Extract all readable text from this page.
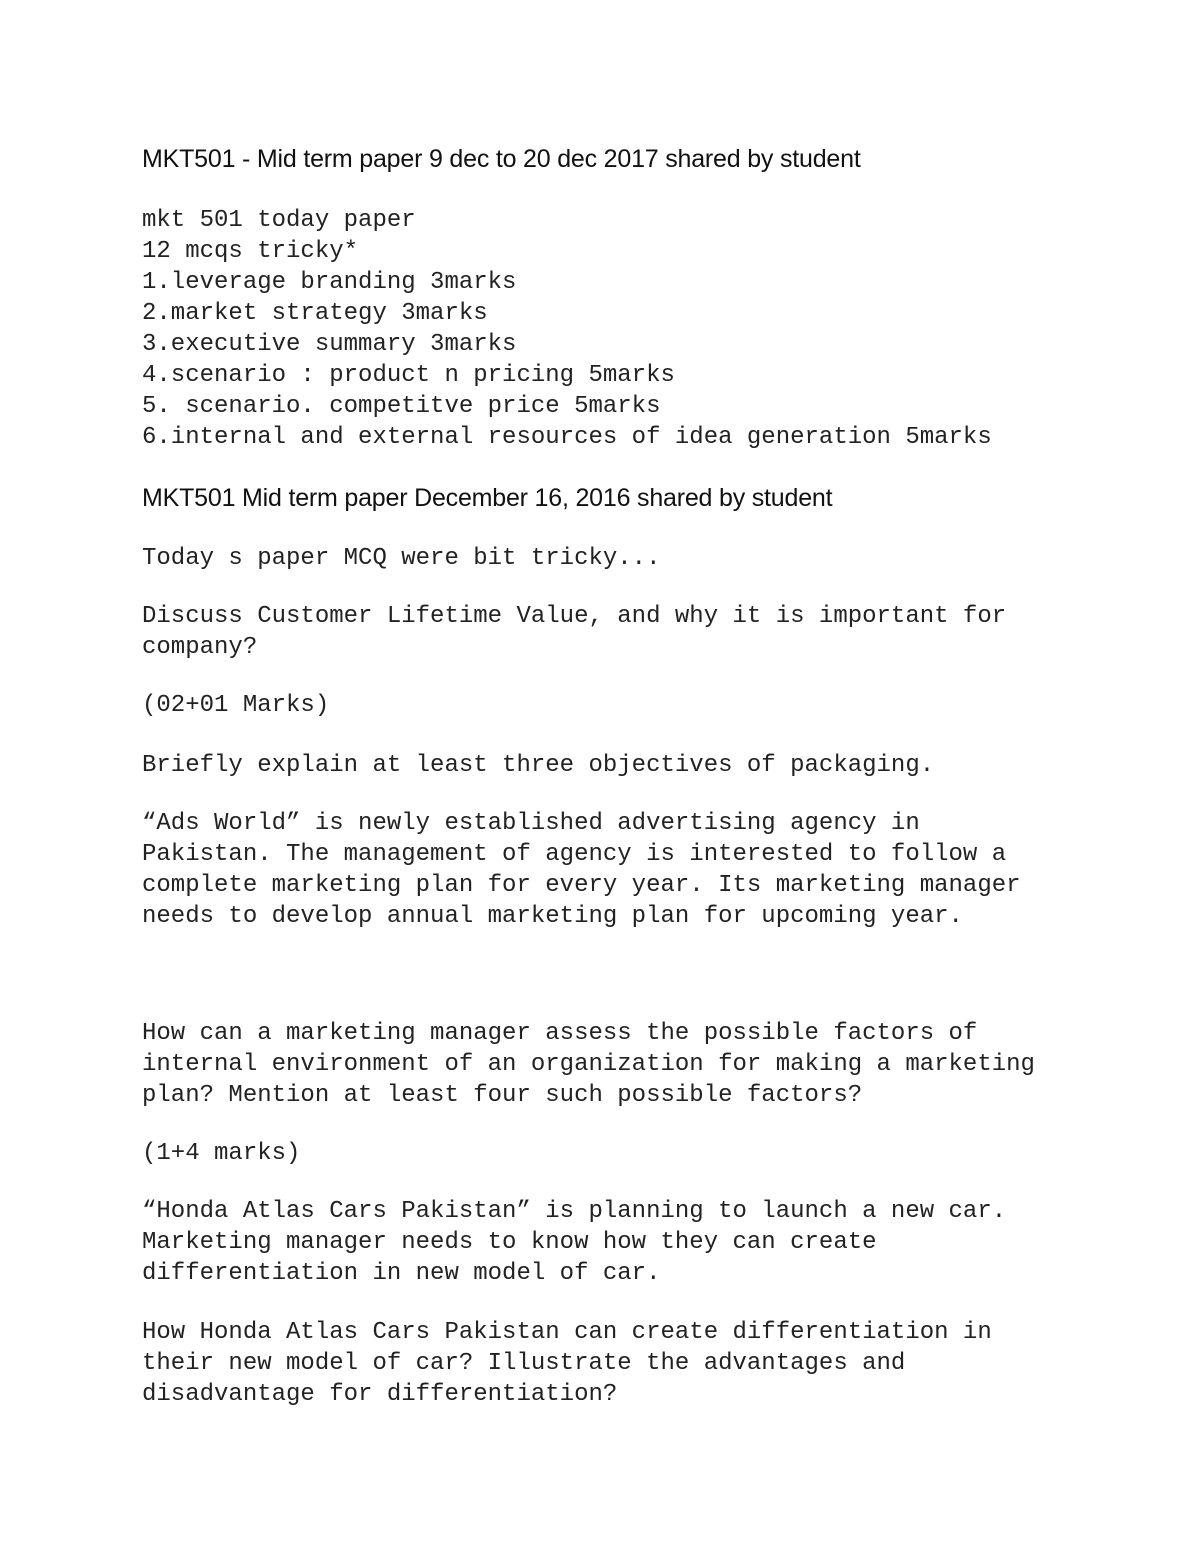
MKT501 - Mid term paper 9 dec to 20 dec 2017 shared by student
mkt 501 today paper
12 mcqs tricky*
1.leverage branding 3marks
2.market strategy 3marks
3.executive summary 3marks
4.scenario : product n pricing 5marks
5. scenario. competitve price 5marks
6.internal and external resources of idea generation 5marks
MKT501 Mid term paper December 16, 2016 shared by student
Today s paper MCQ were bit tricky...
Discuss Customer Lifetime Value, and why it is important for
company?
(02+01 Marks)
Briefly explain at least three objectives of packaging.
“Ads World” is newly established advertising agency in
Pakistan. The management of agency is interested to follow a
complete marketing plan for every year. Its marketing manager
needs to develop annual marketing plan for upcoming year.
How can a marketing manager assess the possible factors of
internal environment of an organization for making a marketing
plan? Mention at least four such possible factors?
(1+4 marks)
“Honda Atlas Cars Pakistan” is planning to launch a new car.
Marketing manager needs to know how they can create
differentiation in new model of car.
How Honda Atlas Cars Pakistan can create differentiation in
their new model of car? Illustrate the advantages and
disadvantage for differentiation?
